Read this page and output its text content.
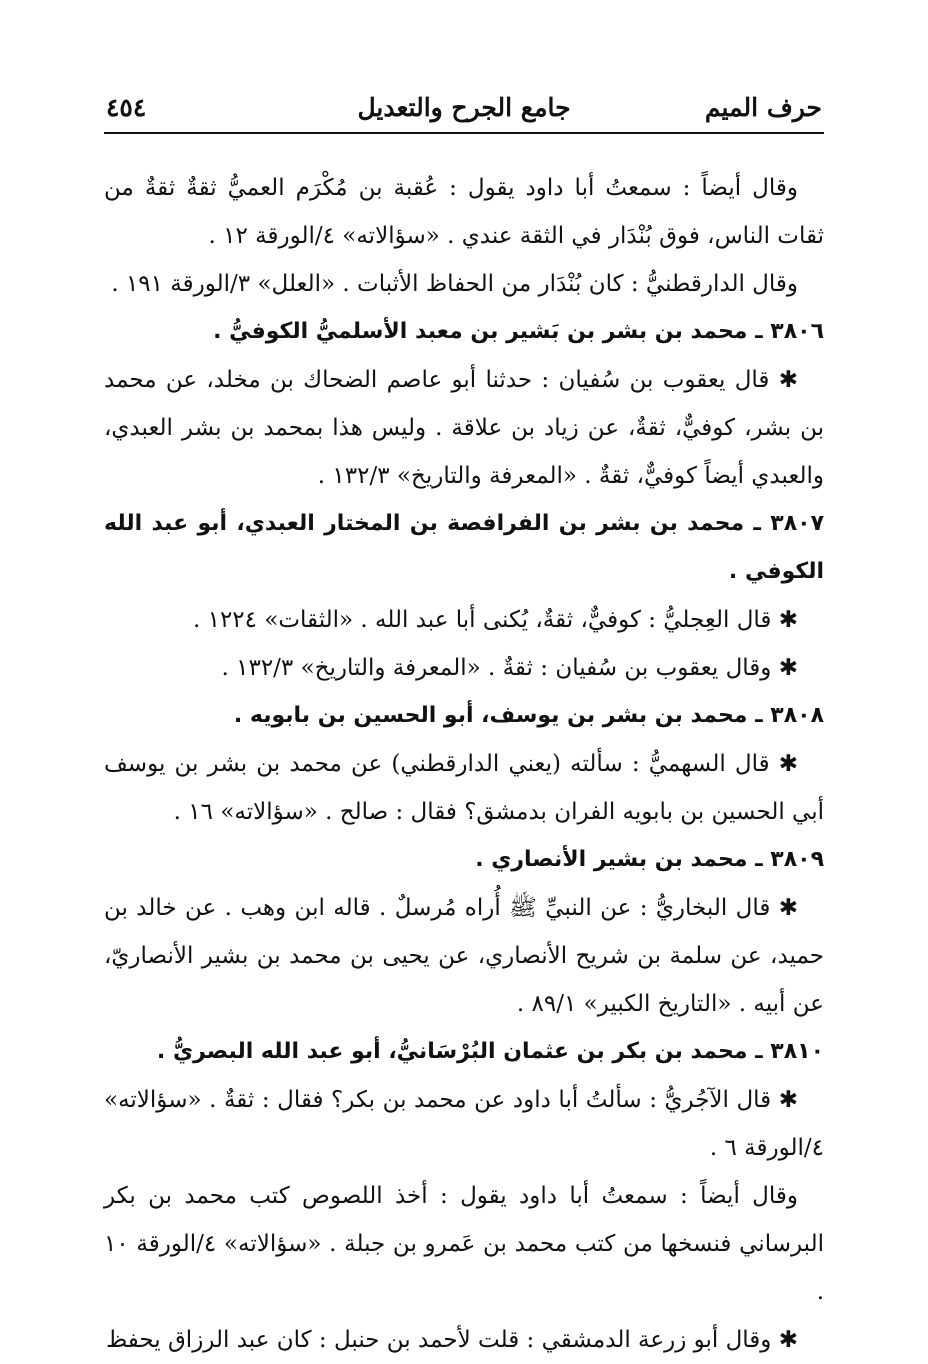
حرف الميم
جامع الجرح والتعديل
٤٥٤

وقال أيضاً : سمعتُ أبا داود يقول : عُقبة بن مُكْرَم العميُّ ثقةٌ ثقةٌ من ثقات الناس، فوق بُنْدَار في الثقة عندي . «سؤالاته» ٤/الورقة ١٢ .

وقال الدارقطنيُّ : كان بُنْدَار من الحفاظ الأثبات . «العلل» ٣/الورقة ١٩١ .

٣٨٠٦ ـ محمد بن بشر بن بَشير بن معبد الأسلميُّ الكوفيُّ .

✱ قال يعقوب بن سُفيان : حدثنا أبو عاصم الضحاك بن مخلد، عن محمد بن بشر، كوفيٌّ، ثقةٌ، عن زياد بن علاقة . وليس هذا بمحمد بن بشر العبدي، والعبدي أيضاً كوفيٌّ، ثقةٌ . «المعرفة والتاريخ» ١٣٢/٣ .

٣٨٠٧ ـ محمد بن بشر بن الفرافصة بن المختار العبدي، أبو عبد الله الكوفي .

✱ قال العِجليُّ : كوفيٌّ، ثقةٌ، يُكنى أبا عبد الله . «الثقات» ١٢٢٤ .

✱ وقال يعقوب بن سُفيان : ثقةٌ . «المعرفة والتاريخ» ١٣٢/٣ .

٣٨٠٨ ـ محمد بن بشر بن يوسف، أبو الحسين بن بابويه .

✱ قال السهميُّ : سألته (يعني الدارقطني) عن محمد بن بشر بن يوسف أبي الحسين بن بابويه الفران بدمشق؟ فقال : صالح . «سؤالاته» ١٦ .

٣٨٠٩ ـ محمد بن بشير الأنصاري .

✱ قال البخاريُّ : عن النبيِّ ﷺ أُراه مُرسلٌ . قاله ابن وهب . عن خالد بن حميد، عن سلمة بن شريح الأنصاري، عن يحيى بن محمد بن بشير الأنصاريّ، عن أبيه . «التاريخ الكبير» ٨٩/١ .

٣٨١٠ ـ محمد بن بكر بن عثمان البُرْسَانيُّ، أبو عبد الله البصريُّ .

✱ قال الآجُريُّ : سألتُ أبا داود عن محمد بن بكر؟ فقال : ثقةٌ . «سؤالاته» ٤/الورقة ٦ .

وقال أيضاً : سمعتُ أبا داود يقول : أخذ اللصوص كتب محمد بن بكر البرساني فنسخها من كتب محمد بن عَمرو بن جبلة . «سؤالاته» ٤/الورقة ١٠ .

✱ وقال أبو زرعة الدمشقي : قلت لأحمد بن حنبل : كان عبد الرزاق يحفظ
